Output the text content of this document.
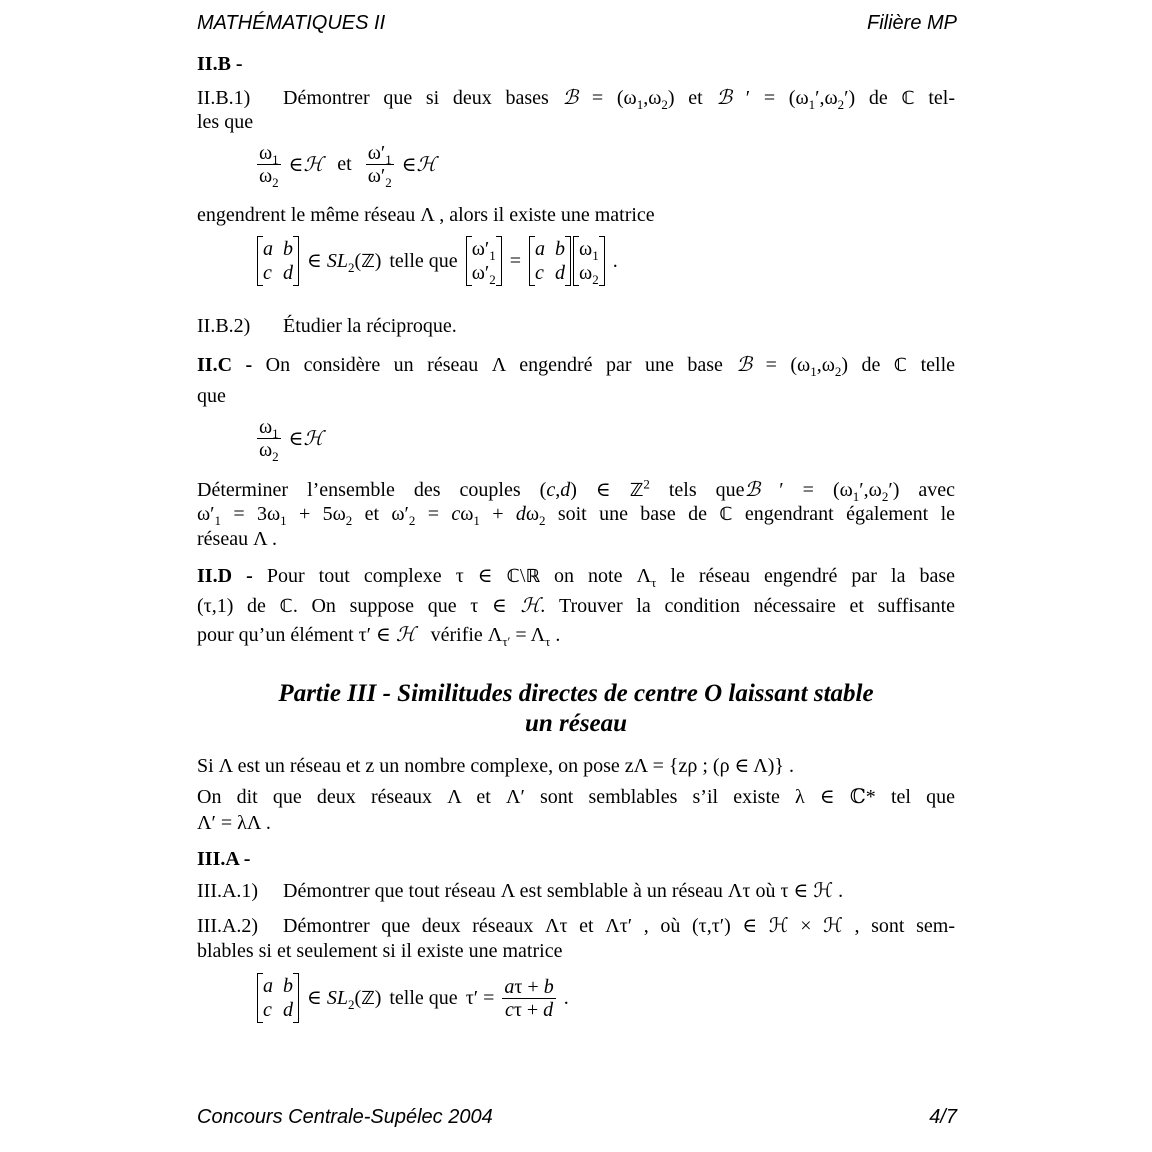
MATHÉMATIQUES II	Filière MP
II.B -
II.B.1) Démontrer que si deux bases ℬ = $(\omega_1,\omega_2)$ et ℬ ′ = $(\omega_1',\omega_2')$ de ℂ tel-
les que
$\frac{\omega_1}{\omega_2}$ ∈ℋ et $\frac{\omega'_1}{\omega'_2}$ ∈ℋ
engendrent le même réseau Λ , alors il existe une matrice
a b
c d
∈ $SL_2(ℤ)$ telle que
$\omega'_1$
$\omega'_2$
=
a b
c d
$\omega_1$
$\omega_2$
.
II.B.2) Étudier la réciproque.
II.C - On considère un réseau Λ engendré par une base ℬ = $(\omega_1,\omega_2)$ de ℂ telle
que
$\frac{\omega_1}{\omega_2}$ ∈ℋ
Déterminer l’ensemble des couples (c,d) ∈ ℤ$^2$ tels queℬ ′ = $(\omega_1',\omega_2')$ avec
$\omega'_1 = 3\omega_1 + 5\omega_2$ et $\omega'_2 = c\omega_1 + d\omega_2$ soit une base de ℂ engendrant également le
réseau Λ .
II.D - Pour tout complexe τ ∈ ℂ\ℝ on note $\Lambda_\tau$ le réseau engendré par la base
(τ,1) de ℂ. On suppose que τ ∈ ℋ. Trouver la condition nécessaire et suffisante
pour qu’un élément τ′ ∈ ℋ vérifie $\Lambda_{\tau'} = \Lambda_\tau$ .
Partie III - Similitudes directes de centre O laissant stable
un réseau
Si Λ est un réseau et z un nombre complexe, on pose zΛ = {zρ ; (ρ ∈ Λ)} .
On dit que deux réseaux Λ et Λ′ sont semblables s’il existe λ ∈ ℂ* tel que
Λ′ = λΛ .
III.A -
III.A.1) Démontrer que tout réseau Λ est semblable à un réseau Λτ où τ ∈ ℋ .
III.A.2) Démontrer que deux réseaux Λτ et Λτ′ , où (τ,τ′) ∈ ℋ × ℋ , sont sem-
blables si et seulement si il existe une matrice
a b
c d
∈ $SL_2(ℤ)$ telle que $\tau' = \frac{a\tau + b}{c\tau + d}$ .
Concours Centrale-Supélec 2004	4/7
